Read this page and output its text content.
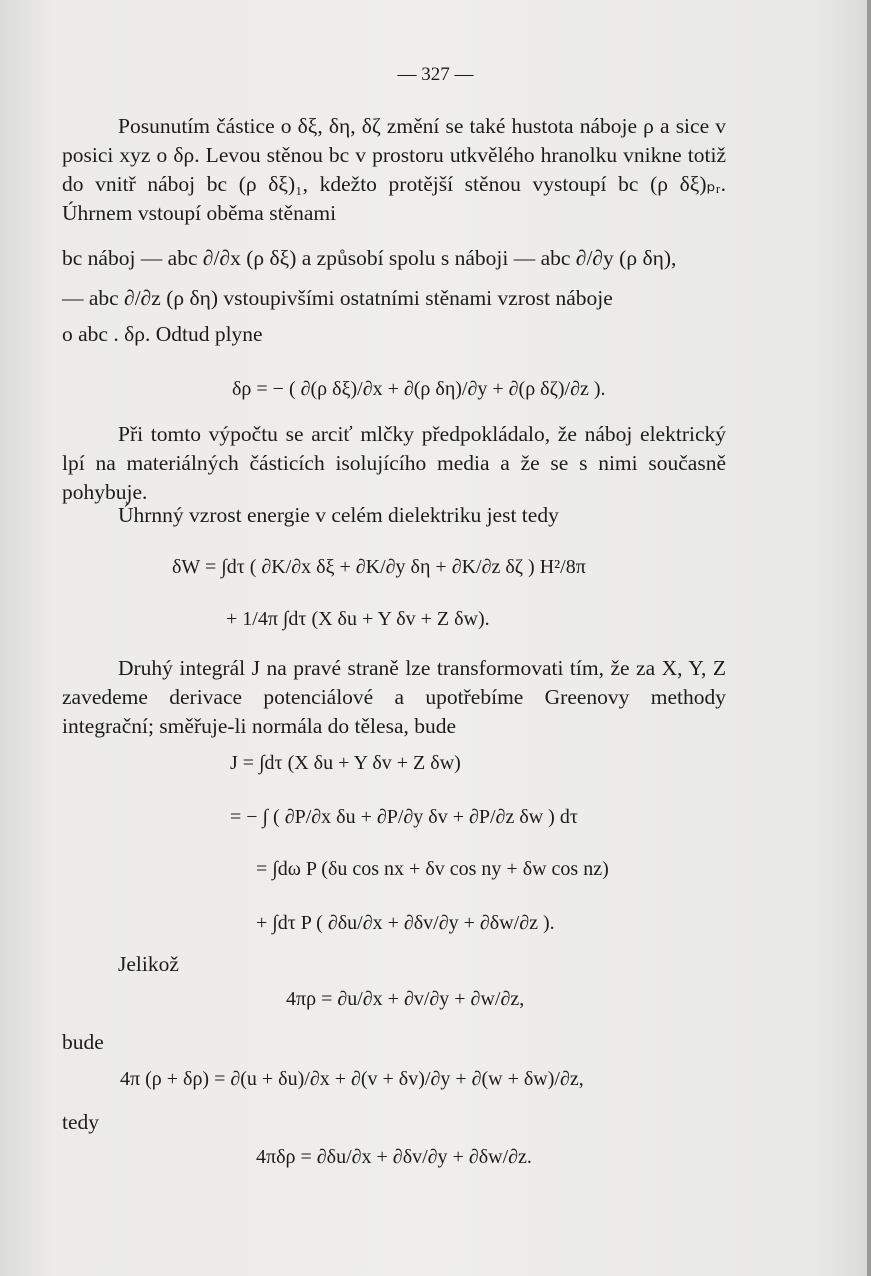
— 327 —
Posunutím částice o δξ, δη, δζ změní se také hustota náboje ρ a sice v posici xyz o δρ. Levou stěnou bc v prostoru utkvělého hranolku vnikne totiž do vnitř náboj bc (ρ δξ)₁, kdežto protější stěnou vystoupí bc (ρ δξ)ₚᵣ. Úhrnem vstoupí oběma stěnami
bc náboj — abc ∂/∂x (ρ δξ) a způsobí spolu s náboji — abc ∂/∂y (ρ δη),
— abc ∂/∂z (ρ δη) vstoupivšími ostatními stěnami vzrost náboje
o abc . δρ. Odtud plyne
δρ = − ( ∂(ρ δξ)/∂x + ∂(ρ δη)/∂y + ∂(ρ δζ)/∂z ).
Při tomto výpočtu se arciť mlčky předpokládalo, že náboj elektrický lpí na materiálných částicích isolujícího media a že se s nimi současně pohybuje.
Úhrnný vzrost energie v celém dielektriku jest tedy
δW = ∫dτ ( ∂K/∂x δξ + ∂K/∂y δη + ∂K/∂z δζ ) H²/8π
+ 1/4π ∫dτ (X δu + Y δv + Z δw).
Druhý integrál J na pravé straně lze transformovati tím, že za X, Y, Z zavedeme derivace potenciálové a upotřebíme Greenovy methody integrační; směřuje-li normála do tělesa, bude
J = ∫dτ (X δu + Y δv + Z δw)
= − ∫ ( ∂P/∂x δu + ∂P/∂y δv + ∂P/∂z δw ) dτ
= ∫dω P (δu cos nx + δv cos ny + δw cos nz)
+ ∫dτ P ( ∂δu/∂x + ∂δv/∂y + ∂δw/∂z ).
Jelikož
4πρ = ∂u/∂x + ∂v/∂y + ∂w/∂z,
bude
4π (ρ + δρ) = ∂(u + δu)/∂x + ∂(v + δv)/∂y + ∂(w + δw)/∂z,
tedy
4πδρ = ∂δu/∂x + ∂δv/∂y + ∂δw/∂z.
